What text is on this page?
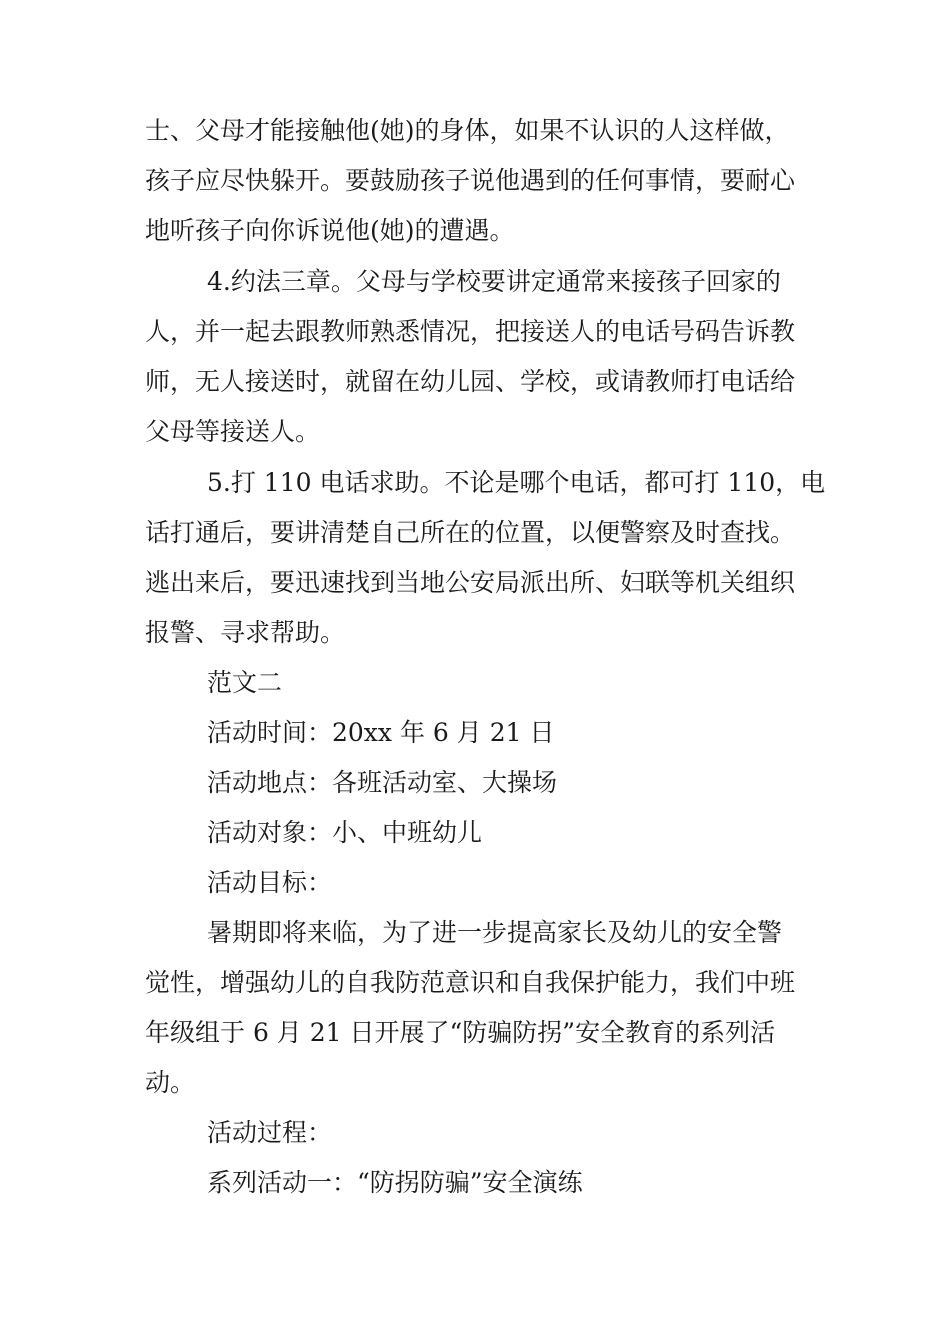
士、父母才能接触他(她)的身体，如果不认识的人这样做，
孩子应尽快躲开。要鼓励孩子说他遇到的任何事情，要耐心
地听孩子向你诉说他(她)的遭遇。
4.约法三章。父母与学校要讲定通常来接孩子回家的
人，并一起去跟教师熟悉情况，把接送人的电话号码告诉教
师，无人接送时，就留在幼儿园、学校，或请教师打电话给
父母等接送人。
5.打 110 电话求助。不论是哪个电话，都可打 110，电
话打通后，要讲清楚自己所在的位置，以便警察及时查找。
逃出来后，要迅速找到当地公安局派出所、妇联等机关组织
报警、寻求帮助。
范文二
活动时间：20xx 年 6 月 21 日
活动地点：各班活动室、大操场
活动对象：小、中班幼儿
活动目标：
暑期即将来临，为了进一步提高家长及幼儿的安全警
觉性，增强幼儿的自我防范意识和自我保护能力，我们中班
年级组于 6 月 21 日开展了“防骗防拐”安全教育的系列活
动。
活动过程：
系列活动一：“防拐防骗”安全演练
